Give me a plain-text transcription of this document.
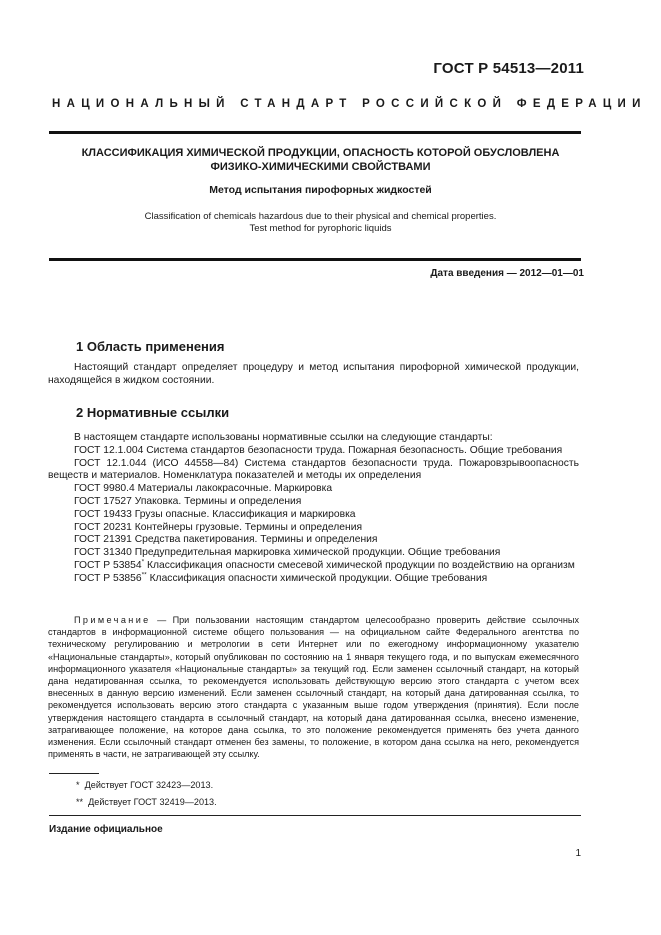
ГОСТ Р 54513—2011
НАЦИОНАЛЬНЫЙ СТАНДАРТ РОССИЙСКОЙ ФЕДЕРАЦИИ
КЛАССИФИКАЦИЯ ХИМИЧЕСКОЙ ПРОДУКЦИИ, ОПАСНОСТЬ КОТОРОЙ ОБУСЛОВЛЕНА
ФИЗИКО-ХИМИЧЕСКИМИ СВОЙСТВАМИ
Метод испытания пирофорных жидкостей
Classification of chemicals hazardous due to their physical and chemical properties.
Test method for pyrophoric liquids
Дата введения — 2012—01—01
1 Область применения

Настоящий стандарт определяет процедуру и метод испытания пирофорной химической продукции, находящейся в жидком состоянии.

2 Нормативные ссылки
В настоящем стандарте использованы нормативные ссылки на следующие стандарты:
ГОСТ 12.1.004 Система стандартов безопасности труда. Пожарная безопасность. Общие требования
ГОСТ 12.1.044 (ИСО 44558—84) Система стандартов безопасности труда. Пожаровзрывоопасность веществ и материалов. Номенклатура показателей и методы их определения
ГОСТ 9980.4 Материалы лакокрасочные. Маркировка
ГОСТ 17527 Упаковка. Термины и определения
ГОСТ 19433 Грузы опасные. Классификация и маркировка
ГОСТ 20231 Контейнеры грузовые. Термины и определения
ГОСТ 21391 Средства пакетирования. Термины и определения
ГОСТ 31340 Предупредительная маркировка химической продукции. Общие требования
ГОСТ Р 53854* Классификация опасности смесевой химической продукции по воздействию на организм
ГОСТ Р 53856** Классификация опасности химической продукции. Общие требования
Примечание — При пользовании настоящим стандартом целесообразно проверить действие ссылочных стандартов в информационной системе общего пользования — на официальном сайте Федерального агентства по техническому регулированию и метрологии в сети Интернет или по ежегодному информационному указателю «Национальные стандарты», который опубликован по состоянию на 1 января текущего года, и по выпускам ежемесячного информационного указателя «Национальные стандарты» за текущий год. Если заменен ссылочный стандарт, на который дана недатированная ссылка, то рекомендуется использовать действующую версию этого стандарта с учетом всех внесенных в данную версию изменений. Если заменен ссылочный стандарт, на который дана датированная ссылка, то рекомендуется использовать версию этого стандарта с указанным выше годом утверждения (принятия). Если после утверждения настоящего стандарта в ссылочный стандарт, на который дана датированная ссылка, внесено изменение, затрагивающее положение, на которое дана ссылка, то это положение рекомендуется применять без учета данного изменения. Если ссылочный стандарт отменен без замены, то положение, в котором дана ссылка на него, рекомендуется применять в части, не затрагивающей эту ссылку.
* Действует ГОСТ 32423—2013.
** Действует ГОСТ 32419—2013.
Издание официальное
1
